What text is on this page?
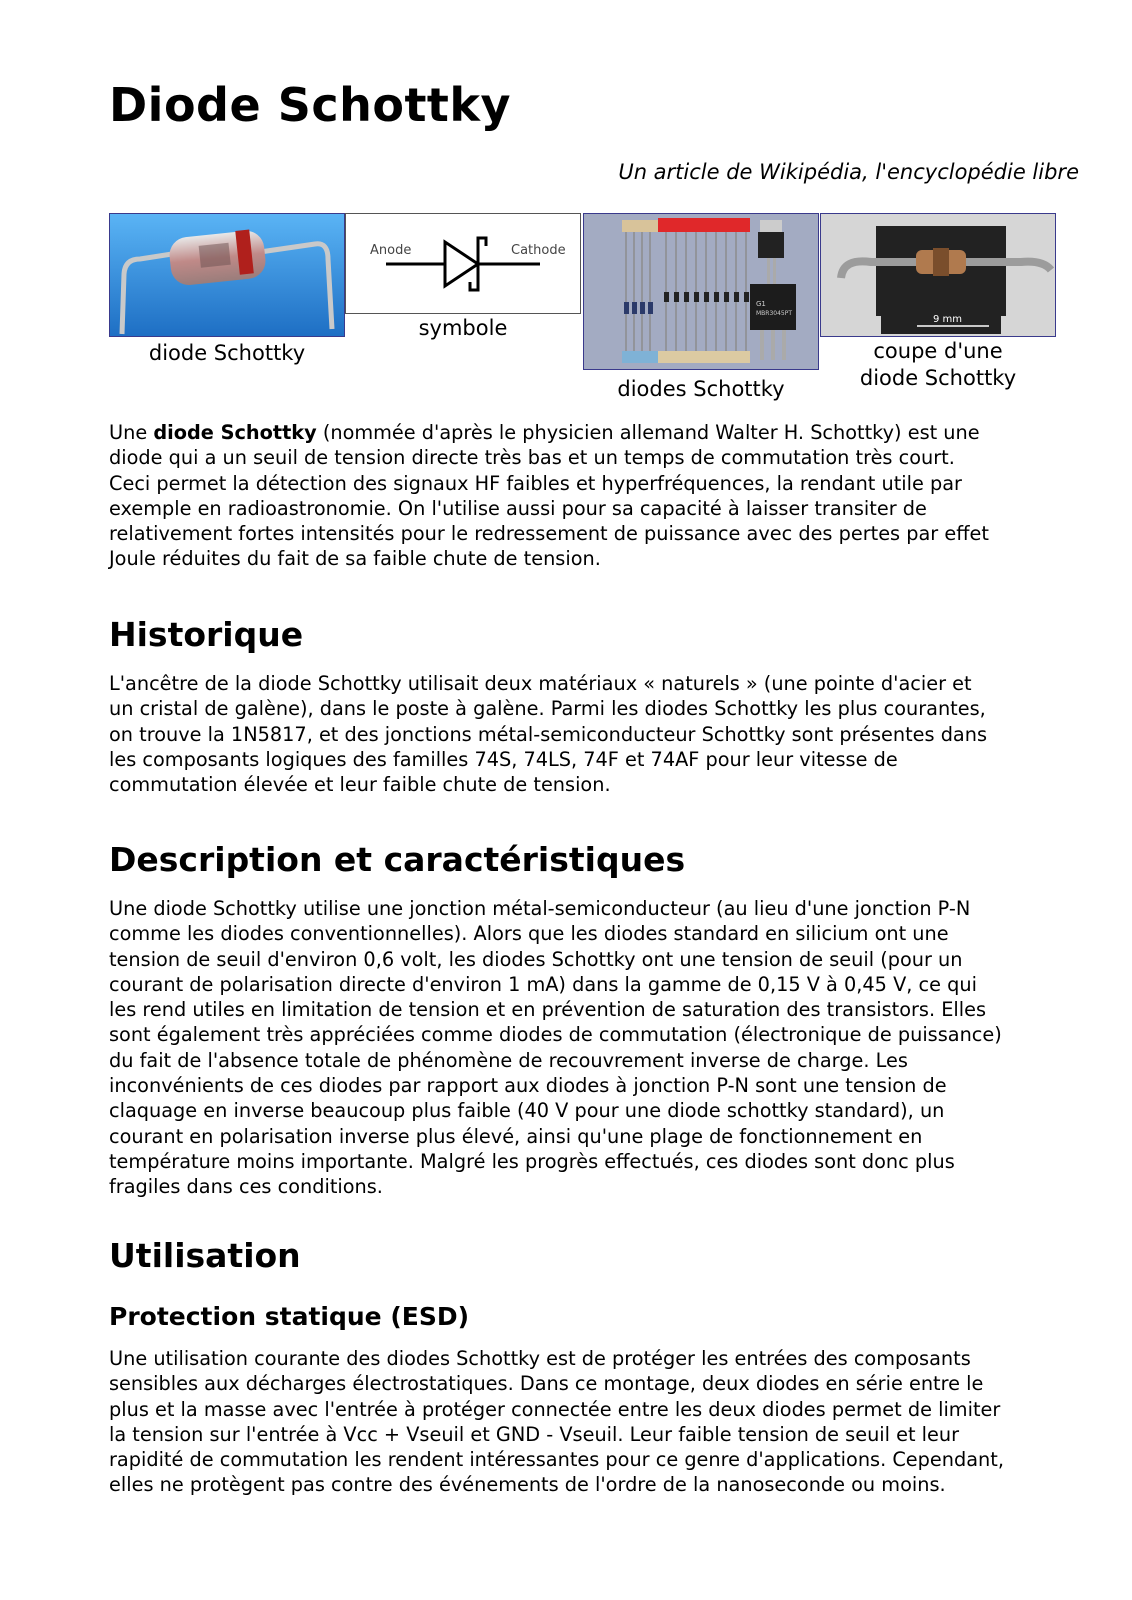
Diode Schottky
Un article de Wikipédia, l'encyclopédie libre
diode Schottky
Anode	Cathode
symbole
G1
MBR3045PT
diodes Schottky
9 mm
coupe d'une
diode Schottky
Une diode Schottky (nommée d'après le physicien allemand Walter H. Schottky) est une
diode qui a un seuil de tension directe très bas et un temps de commutation très court.
Ceci permet la détection des signaux HF faibles et hyperfréquences, la rendant utile par
exemple en radioastronomie. On l'utilise aussi pour sa capacité à laisser transiter de
relativement fortes intensités pour le redressement de puissance avec des pertes par effet
Joule réduites du fait de sa faible chute de tension.
Historique
L'ancêtre de la diode Schottky utilisait deux matériaux « naturels » (une pointe d'acier et
un cristal de galène), dans le poste à galène. Parmi les diodes Schottky les plus courantes,
on trouve la 1N5817, et des jonctions métal-semiconducteur Schottky sont présentes dans
les composants logiques des familles 74S, 74LS, 74F et 74AF pour leur vitesse de
commutation élevée et leur faible chute de tension.
Description et caractéristiques
Une diode Schottky utilise une jonction métal-semiconducteur (au lieu d'une jonction P-N
comme les diodes conventionnelles). Alors que les diodes standard en silicium ont une
tension de seuil d'environ 0,6 volt, les diodes Schottky ont une tension de seuil (pour un
courant de polarisation directe d'environ 1 mA) dans la gamme de 0,15 V à 0,45 V, ce qui
les rend utiles en limitation de tension et en prévention de saturation des transistors. Elles
sont également très appréciées comme diodes de commutation (électronique de puissance)
du fait de l'absence totale de phénomène de recouvrement inverse de charge. Les
inconvénients de ces diodes par rapport aux diodes à jonction P-N sont une tension de
claquage en inverse beaucoup plus faible (40 V pour une diode schottky standard), un
courant en polarisation inverse plus élevé, ainsi qu'une plage de fonctionnement en
température moins importante. Malgré les progrès effectués, ces diodes sont donc plus
fragiles dans ces conditions.
Utilisation
Protection statique (ESD)
Une utilisation courante des diodes Schottky est de protéger les entrées des composants
sensibles aux décharges électrostatiques. Dans ce montage, deux diodes en série entre le
plus et la masse avec l'entrée à protéger connectée entre les deux diodes permet de limiter
la tension sur l'entrée à Vcc + Vseuil et GND - Vseuil. Leur faible tension de seuil et leur
rapidité de commutation les rendent intéressantes pour ce genre d'applications. Cependant,
elles ne protègent pas contre des événements de l'ordre de la nanoseconde ou moins.
